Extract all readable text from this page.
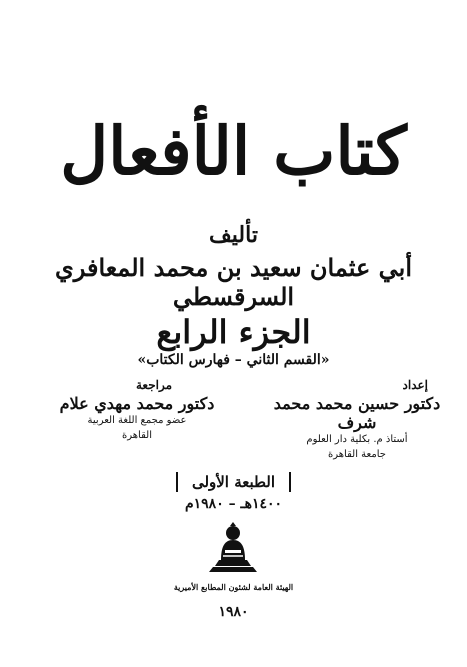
كتاب الأفعال
تأليف
أبي عثمان سعيد بن محمد المعافري السرقسطي
الجزء الرابع
«القسم الثاني – فهارس الكتاب»
إعداد
دكتور حسين محمد محمد شرف
أستاذ م. بكلية دار العلوم
جامعة القاهرة
مراجعة
دكتور محمد مهدي علام
عضو مجمع اللغة العربية
القاهرة
الطبعة الأولى
١٤٠٠هـ – ١٩٨٠م
الهيئة العامة لشئون المطابع الأميرية
١٩٨٠
